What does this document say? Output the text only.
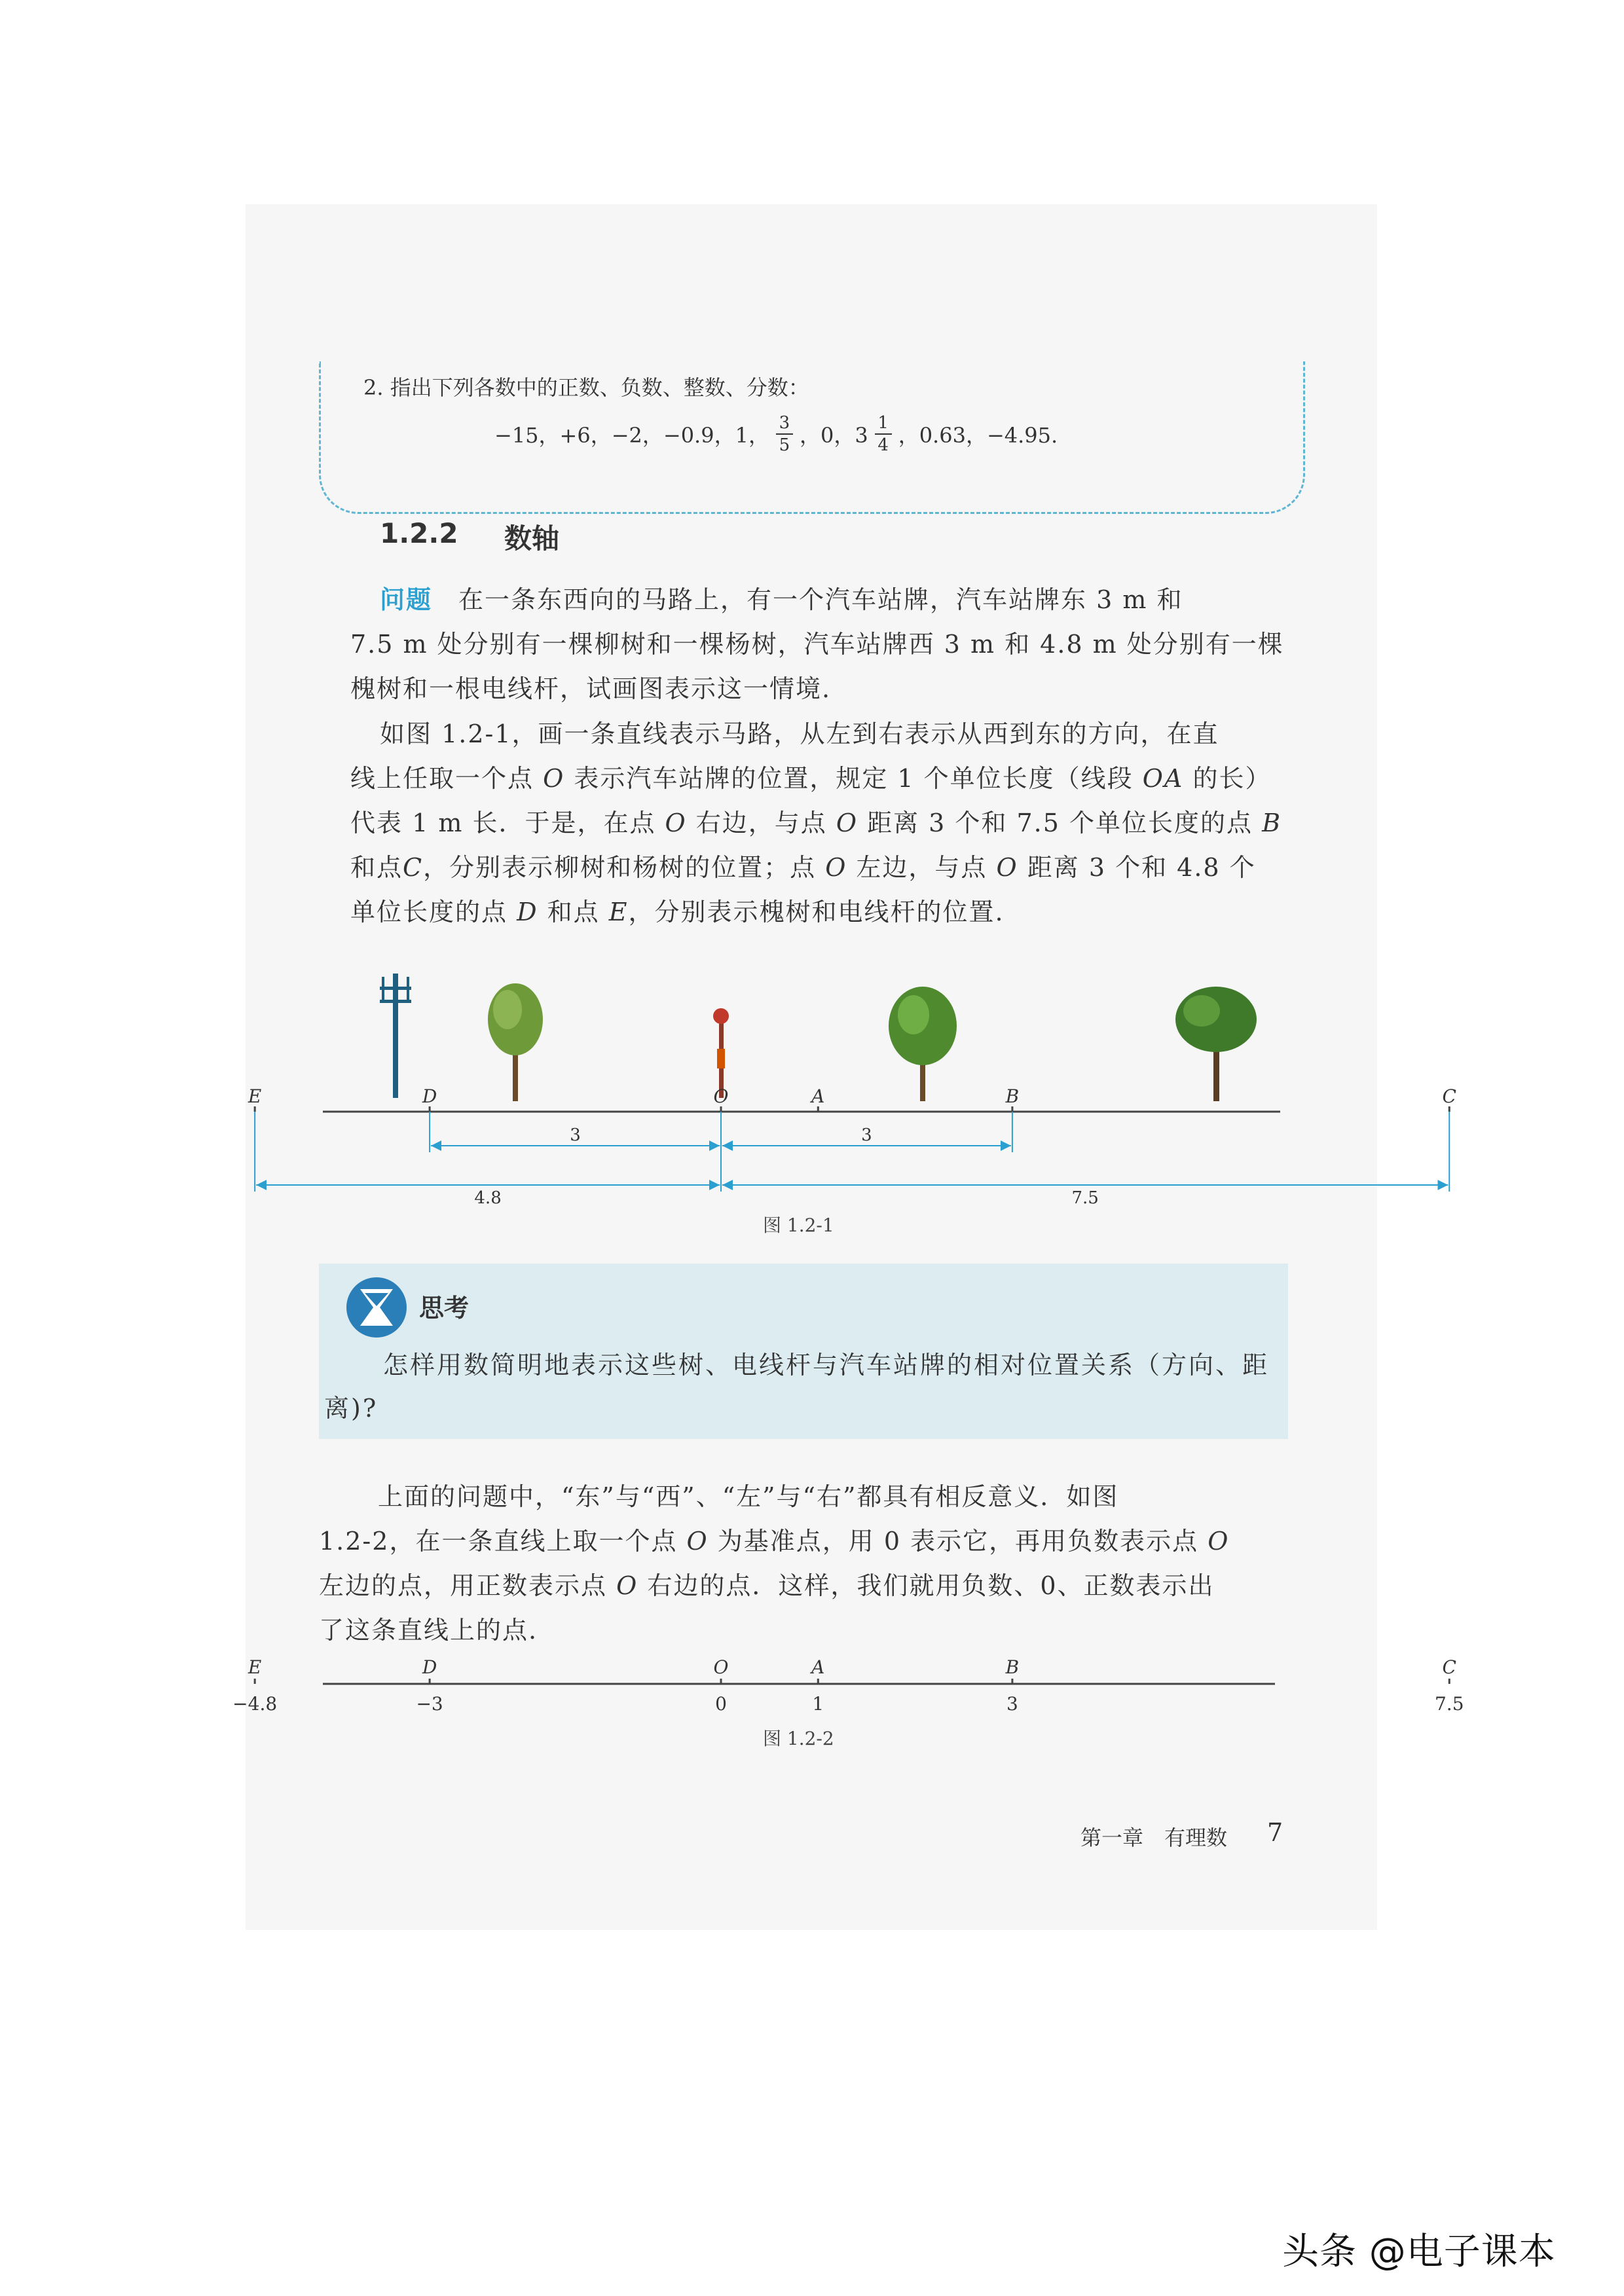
2. 指出下列各数中的正数、负数、整数、分数：
−15，+6，−2，−0.9，1， $\frac{3}{5}$ ，0，$3 \frac{1}{4}$ ，0.63，−4.95.
1.2.2 数轴
问题　 在一条东西向的马路上，有一个汽车站牌，汽车站牌东 3 m 和
7.5 m 处分别有一棵柳树和一棵杨树，汽车站牌西 3 m 和 4.8 m 处分别有一棵
槐树和一根电线杆，试画图表示这一情境.
如图 1.2-1，画一条直线表示马路，从左到右表示从西到东的方向，在直
线上任取一个点 O 表示汽车站牌的位置，规定 1 个单位长度（线段 OA 的长）
代表 1 m 长．于是，在点 O 右边，与点 O 距离 3 个和 7.5 个单位长度的点 B
和点C，分别表示柳树和杨树的位置；点 O 左边，与点 O 距离 3 个和 4.8 个
单位长度的点 D 和点 E，分别表示槐树和电线杆的位置.
E	D	O	A	B	C
3	3
4.8	7.5
图 1.2-1
思考
怎样用数简明地表示这些树、电线杆与汽车站牌的相对位置关系（方向、距离)?
上面的问题中，“东”与“西”、“左”与“右”都具有相反意义．如图
1.2-2，在一条直线上取一个点 O 为基准点，用 0 表示它，再用负数表示点 O
左边的点，用正数表示点 O 右边的点．这样，我们就用负数、0、正数表示出
了这条直线上的点.
E
−4.8
D
−3
O
0
A
1
B
3
C
7.5
图 1.2-2
第一章　有理数 7
头条 @电子课本
